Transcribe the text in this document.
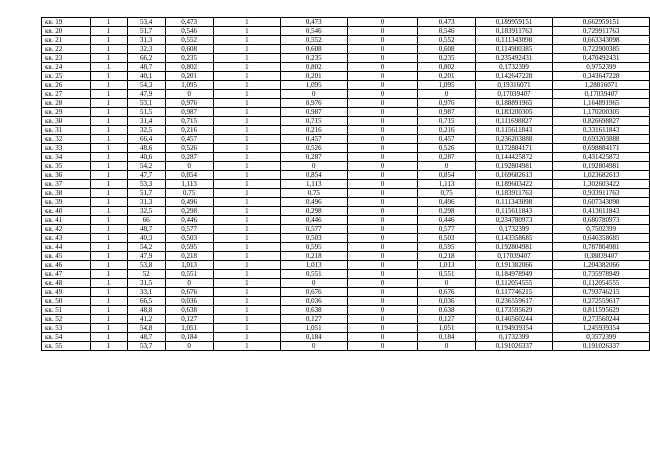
кв. 19	1	53,4	0,473	1	0,473	0	0,473	0,189959151	0,662959151
кв. 20	1	51,7	0,546	1	0,546	0	0,546	0,183911763	0,729911763
кв. 21	1	31,3	0,552	1	0,552	0	0,552	0,111343098	0,663343098
кв. 22	1	32,3	0,608	1	0,608	0	0,608	0,114900385	0,722900385
кв. 23	1	66,2	0,235	1	0,235	0	0,235	0,235492431	0,470492431
кв. 24	1	48,7	0,802	1	0,802	0	0,802	0,1732399	0,9752399
кв. 25	1	40,1	0,201	1	0,201	0	0,201	0,142647228	0,343647228
кв. 26	1	54,3	1,095	1	1,095	0	1,095	0,19316071	1,28816071
кв. 27	1	47,9	0	1	0	0	0	0,17039407	0,17039407
кв. 28	1	53,1	0,976	1	0,976	0	0,976	0,188891965	1,164891965
кв. 29	1	51,5	0,987	1	0,987	0	0,987	0,183200305	1,170200305
кв. 30	1	31,4	0,715	1	0,715	0	0,715	0,111698827	0,826698827
кв. 31	1	32,5	0,216	1	0,216	0	0,216	0,115611843	0,331611843
кв. 32	1	66,4	0,457	1	0,457	0	0,457	0,236203888	0,693203888
кв. 33	1	48,6	0,526	1	0,526	0	0,526	0,172884171	0,698884171
кв. 34	1	40,6	0,287	1	0,287	0	0,287	0,144425872	0,431425872
кв. 35	1	54,2	0	1	0	0	0	0,192804981	0,192804981
кв. 36	1	47,7	0,854	1	0,854	0	0,854	0,169682613	1,023682613
кв. 37	1	53,3	1,113	1	1,113	0	1,113	0,189603422	1,302603422
кв. 38	1	51,7	0,75	1	0,75	0	0,75	0,183911763	0,933911763
кв. 39	1	31,3	0,496	1	0,496	0	0,496	0,111343098	0,607343098
кв. 40	1	32,5	0,298	1	0,298	0	0,298	0,115611843	0,413611843
кв. 41	1	66	0,446	1	0,446	0	0,446	0,234780973	0,680780973
кв. 42	1	48,7	0,577	1	0,577	0	0,577	0,1732399	0,7502399
кв. 43	1	40,3	0,503	1	0,503	0	0,503	0,143358685	0,646358685
кв. 44	1	54,2	0,595	1	0,595	0	0,595	0,192804981	0,787804981
кв. 45	1	47,9	0,218	1	0,218	0	0,218	0,17039407	0,38839407
кв. 46	1	53,8	1,013	1	1,013	0	1,013	0,191382066	1,204382066
кв. 47	1	52	0,551	1	0,551	0	0,551	0,184978949	0,735978949
кв. 48	1	31,5	0	1	0	0	0	0,112054555	0,112054555
кв. 49	1	33,1	0,676	1	0,676	0	0,676	0,117746215	0,793746215
кв. 50	1	66,5	0,036	1	0,036	0	0,036	0,236559617	0,272559617
кв. 51	1	48,8	0,638	1	0,638	0	0,638	0,173595629	0,811595629
кв. 52	1	41,2	0,127	1	0,127	0	0,127	0,146560244	0,273560244
кв. 53	1	54,8	1,051	1	1,051	0	1,051	0,194939354	1,245939354
кв. 54	1	48,7	0,184	1	0,184	0	0,184	0,1732399	0,3572399
кв. 55	1	53,7	0	1	0	0	0	0,191026337	0,191026337
